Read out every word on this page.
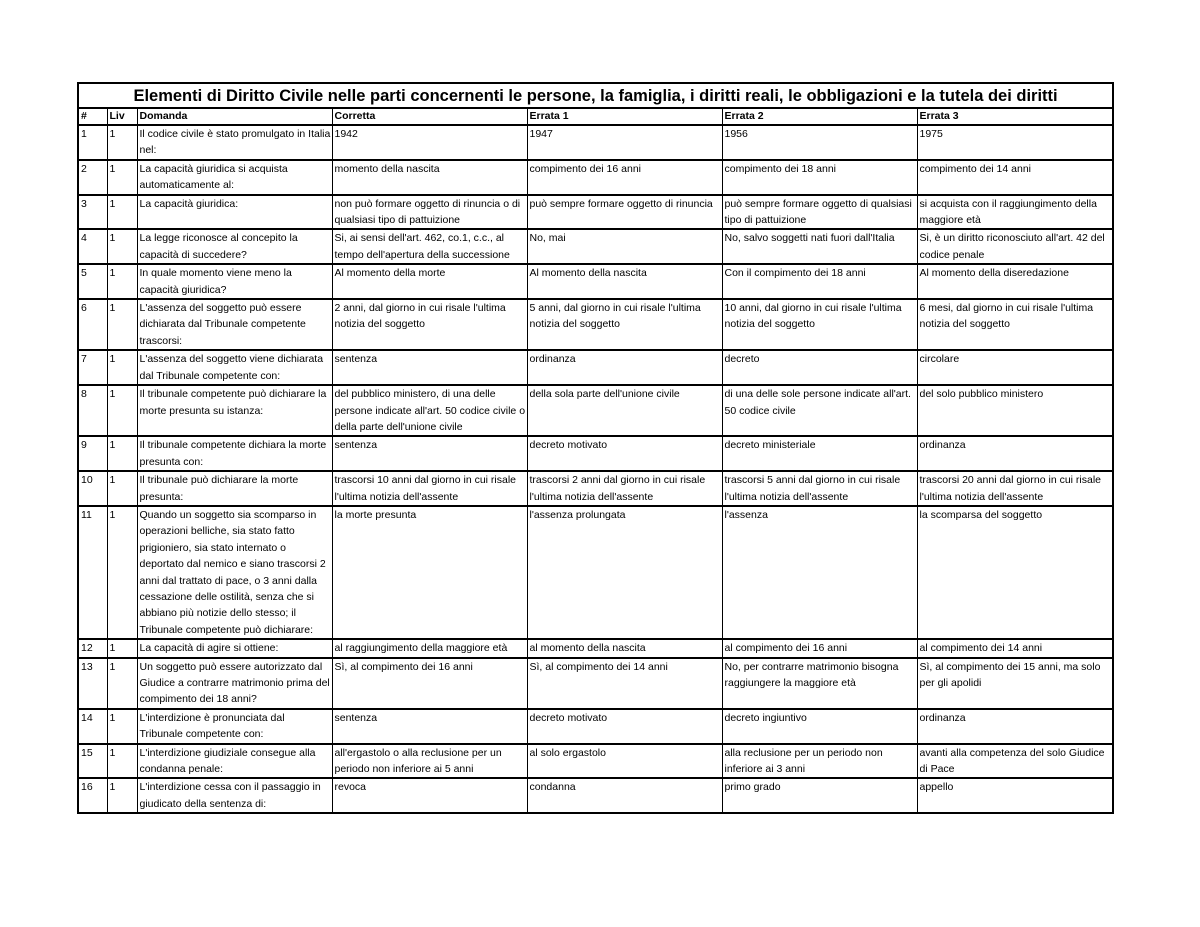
Elementi di Diritto Civile nelle parti concernenti le persone, la famiglia, i diritti reali, le obbligazioni e la tutela dei diritti						
#	Liv	Domanda	Corretta	Errata 1	Errata 2	Errata 3
1	1	Il codice civile è stato promulgato in Italia nel:	1942	1947	1956	1975
2	1	La capacità giuridica si acquista automaticamente al:	momento della nascita	compimento dei 16 anni	compimento dei 18 anni	compimento dei 14 anni
3	1	La capacità giuridica:	non può formare oggetto di rinuncia o di qualsiasi tipo di pattuizione	può sempre formare oggetto di rinuncia	può sempre formare oggetto di qualsiasi tipo di pattuizione	si acquista con il raggiungimento della maggiore età
4	1	La legge riconosce al concepito la capacità di succedere?	Si, ai sensi dell'art. 462, co.1, c.c., al tempo dell'apertura della successione	No, mai	No, salvo soggetti nati fuori dall'Italia	Si, è un diritto riconosciuto all'art. 42 del codice penale
5	1	In quale momento viene meno la capacità giuridica?	Al momento della morte	Al momento della nascita	Con il compimento dei 18 anni	Al momento della diseredazione
6	1	L'assenza del soggetto può essere dichiarata dal Tribunale competente trascorsi:	2 anni, dal giorno in cui risale l'ultima notizia del soggetto	5 anni, dal giorno in cui risale l'ultima notizia del soggetto	10 anni, dal giorno in cui risale l'ultima notizia del soggetto	6 mesi, dal giorno in cui risale l'ultima notizia del soggetto
7	1	L'assenza del soggetto viene dichiarata dal Tribunale competente con:	sentenza	ordinanza	decreto	circolare
8	1	Il tribunale competente può dichiarare la morte presunta su istanza:	del pubblico ministero, di una delle persone indicate all'art. 50 codice civile o della parte dell'unione civile	della sola parte dell'unione civile	di una delle sole persone indicate all'art. 50 codice civile	del solo pubblico ministero
9	1	Il tribunale competente dichiara la morte presunta con:	sentenza	decreto motivato	decreto ministeriale	ordinanza
10	1	Il tribunale può dichiarare la morte presunta:	trascorsi 10 anni dal giorno in cui risale l'ultima notizia dell'assente	trascorsi 2 anni dal giorno in cui risale l'ultima notizia dell'assente	trascorsi 5 anni dal giorno in cui risale l'ultima notizia dell'assente	trascorsi 20 anni dal giorno in cui risale l'ultima notizia dell'assente
11	1	Quando un soggetto sia scomparso in operazioni belliche, sia stato fatto prigioniero, sia stato internato o deportato dal nemico e siano trascorsi 2 anni dal trattato di pace, o 3 anni dalla cessazione delle ostilità, senza che si abbiano più notizie dello stesso; il Tribunale competente può dichiarare:	la morte presunta	l'assenza prolungata	l'assenza	la scomparsa del soggetto
12	1	La capacità di agire si ottiene:	al raggiungimento della maggiore età	al momento della nascita	al compimento dei 16 anni	al compimento dei 14 anni
13	1	Un soggetto può essere autorizzato dal Giudice a contrarre matrimonio prima del compimento dei 18 anni?	Sì, al compimento dei 16 anni	Sì, al compimento dei 14 anni	No, per contrarre matrimonio bisogna raggiungere la maggiore età	Sì, al compimento dei 15 anni, ma solo per gli apolidi
14	1	L'interdizione è pronunciata dal Tribunale competente con:	sentenza	decreto motivato	decreto ingiuntivo	ordinanza
15	1	L'interdizione giudiziale consegue alla condanna penale:	all'ergastolo o alla reclusione per un periodo non inferiore ai 5 anni	al solo ergastolo	alla reclusione per un periodo non inferiore ai 3 anni	avanti alla competenza del solo Giudice di Pace
16	1	L'interdizione cessa con il passaggio in giudicato della sentenza di:	revoca	condanna	primo grado	appello
